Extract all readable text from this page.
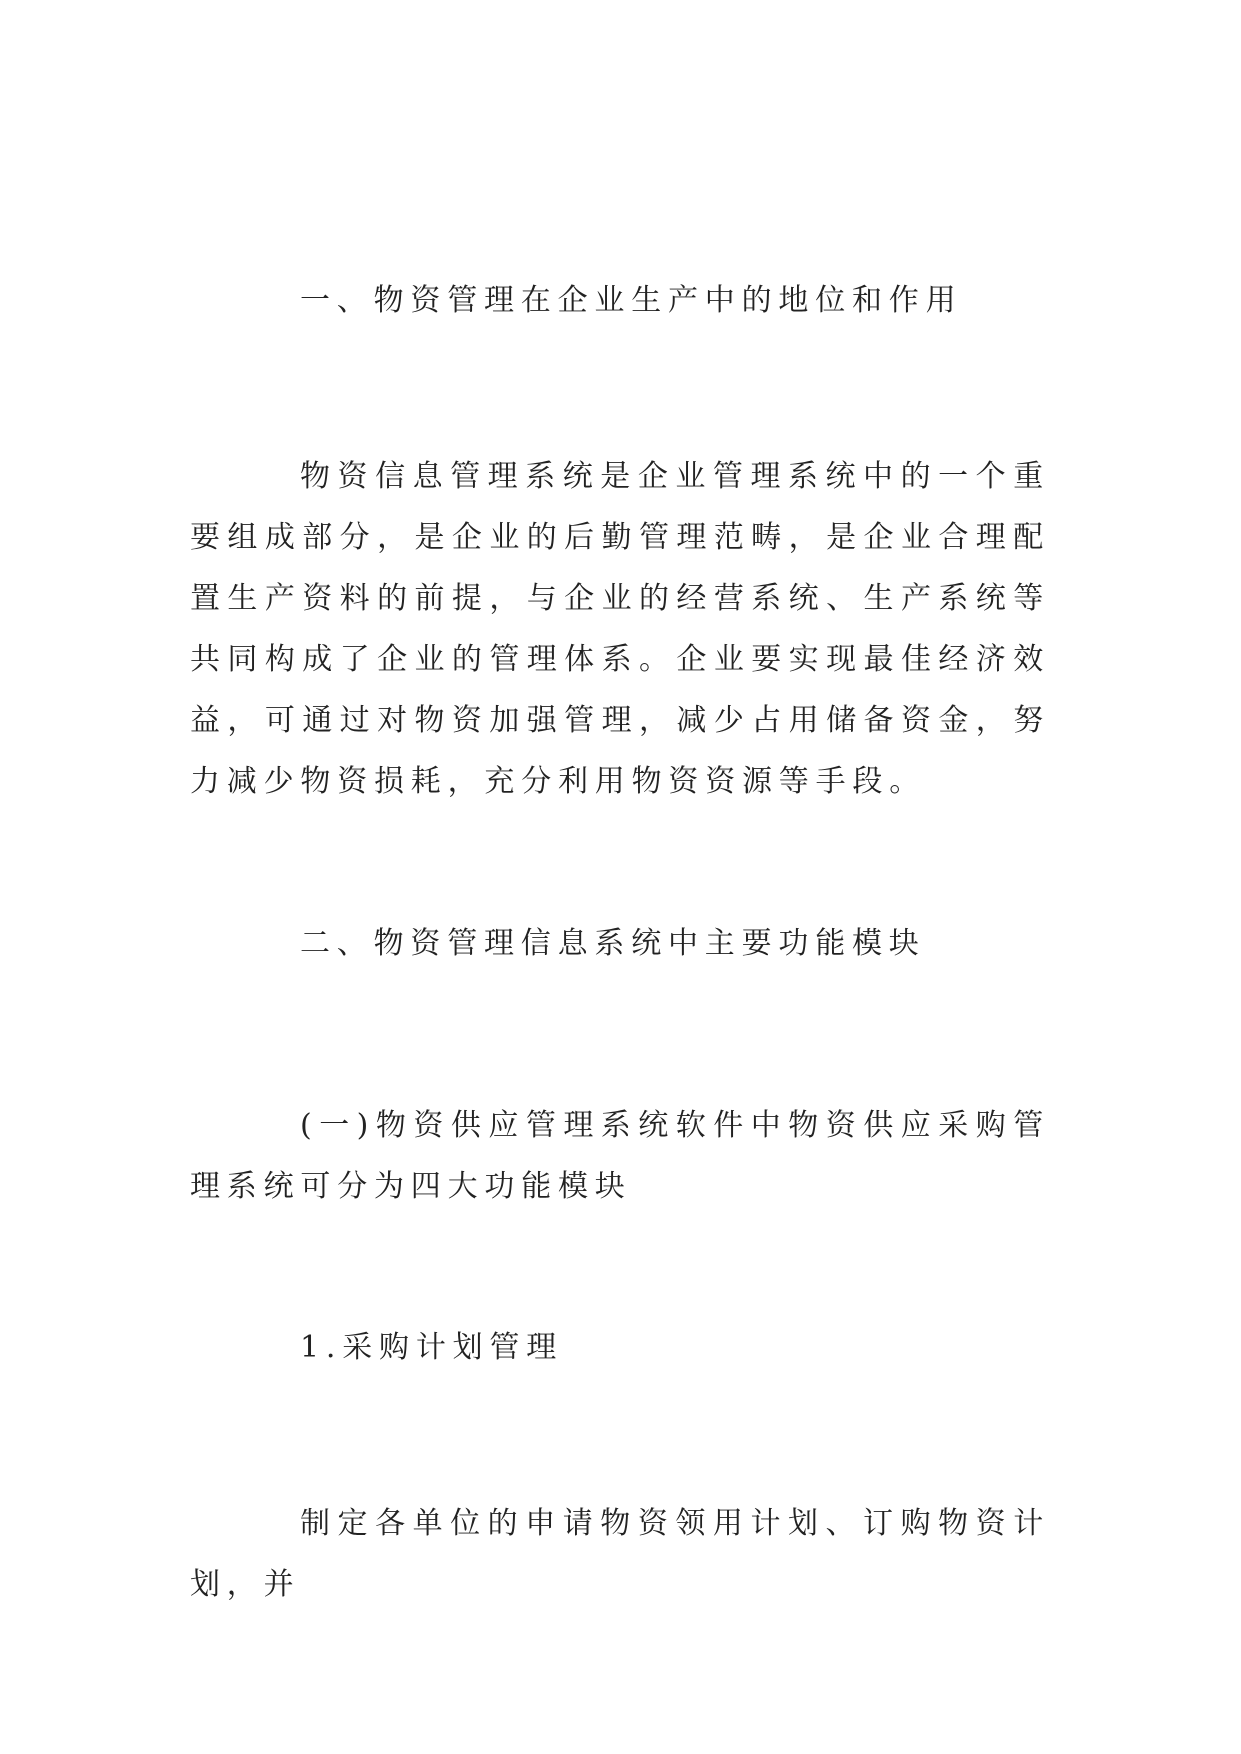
一、物资管理在企业生产中的地位和作用

物资信息管理系统是企业管理系统中的一个重要组成部分，是企业的后勤管理范畴，是企业合理配置生产资料的前提，与企业的经营系统、生产系统等共同构成了企业的管理体系。企业要实现最佳经济效益，可通过对物资加强管理，减少占用储备资金，努力减少物资损耗，充分利用物资资源等手段。

二、物资管理信息系统中主要功能模块

(一)物资供应管理系统软件中物资供应采购管理系统可分为四大功能模块

1.采购计划管理

制定各单位的申请物资领用计划、订购物资计划，并
